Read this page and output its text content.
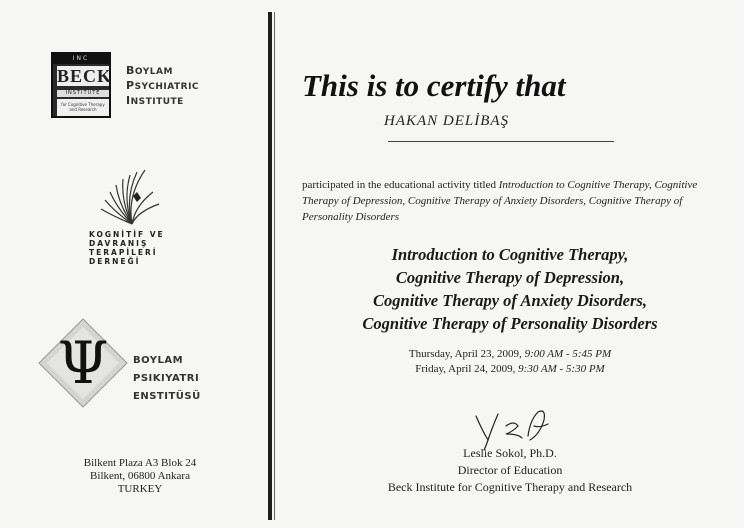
INC
BECK
INSTITUTE
for Cognitive Therapy and Research
BOYLAM
PSYCHIATRIC
INSTITUTE
KOGNİTİF VE
DAVRANIŞ
TERAPİLERİ
DERNEĞİ
Ψ BOYLAM
PSIKIYATRI
ENSTITÜSÜ
Bilkent Plaza A3 Blok 24
Bilkent, 06800 Ankara
TURKEY
This is to certify that
HAKAN DELİBAŞ
participated in the educational activity titled Introduction to Cognitive Therapy, Cognitive Therapy of Depression, Cognitive Therapy of Anxiety Disorders, Cognitive Therapy of Personality Disorders
Introduction to Cognitive Therapy,
Cognitive Therapy of Depression,
Cognitive Therapy of Anxiety Disorders,
Cognitive Therapy of Personality Disorders
Thursday, April 23, 2009, 9:00 AM - 5:45 PM
Friday, April 24, 2009, 9:30 AM - 5:30 PM
Leslie Sokol, Ph.D.
Director of Education
Beck Institute for Cognitive Therapy and Research
